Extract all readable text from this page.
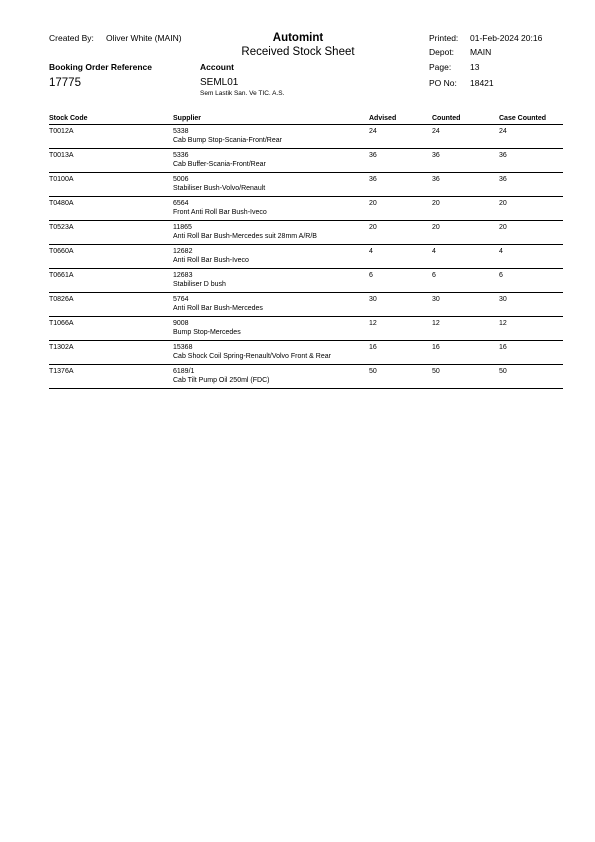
Created By: Oliver White (MAIN)	Automint
Received Stock Sheet
Printed: 01-Feb-2024 20:16
Depot: MAIN
Page: 13
PO No: 18421
Booking Order Reference
17775
Account
SEML01
Sem Lastik San. Ve TIC. A.S.
Stock Code	Supplier	Advised	Counted	Case Counted
T0012A	5338
Cab Bump Stop-Scania-Front/Rear	24	24	24
T0013A	5336
Cab Buffer-Scania-Front/Rear	36	36	36
T0100A	5006
Stabiliser Bush-Volvo/Renault	36	36	36
T0480A	6564
Front Anti Roll Bar Bush-Iveco	20	20	20
T0523A	11865
Anti Roll Bar Bush-Mercedes suit 28mm A/R/B	20	20	20
T0660A	12682
Anti Roll Bar Bush-Iveco	4	4	4
T0661A	12683
Stabiliser D bush	6	6	6
T0826A	5764
Anti Roll Bar Bush-Mercedes	30	30	30
T1066A	9008
Bump Stop-Mercedes	12	12	12
T1302A	15368
Cab Shock Coil Spring-Renault/Volvo Front & Rear	16	16	16
T1376A	6189/1
Cab Tilt Pump Oil 250ml (FDC)	50	50	50
